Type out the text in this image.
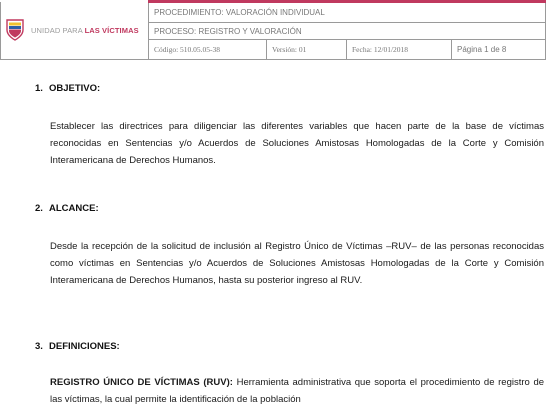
UNIDAD PARA LAS VÍCTIMAS	PROCEDIMIENTO: VALORACIÓN INDIVIDUAL			
	PROCESO: REGISTRO Y VALORACIÓN			
	Código: 510.05.05-38	Versión: 01	Fecha: 12/01/2018	Página 1 de 8
1. OBJETIVO:

Establecer las directrices para diligenciar las diferentes variables que hacen parte de la base de víctimas reconocidas en Sentencias y/o Acuerdos de Soluciones Amistosas Homologadas de la Corte y Comisión Interamericana de Derechos Humanos.

2. ALCANCE:

Desde la recepción de la solicitud de inclusión al Registro Único de Víctimas –RUV– de las personas reconocidas como víctimas en Sentencias y/o Acuerdos de Soluciones Amistosas Homologadas de la Corte y Comisión Interamericana de Derechos Humanos, hasta su posterior ingreso al RUV.

3. DEFINICIONES:

REGISTRO ÚNICO DE VÍCTIMAS (RUV): Herramienta administrativa que soporta el procedimiento de registro de las víctimas, la cual permite la identificación de la población
